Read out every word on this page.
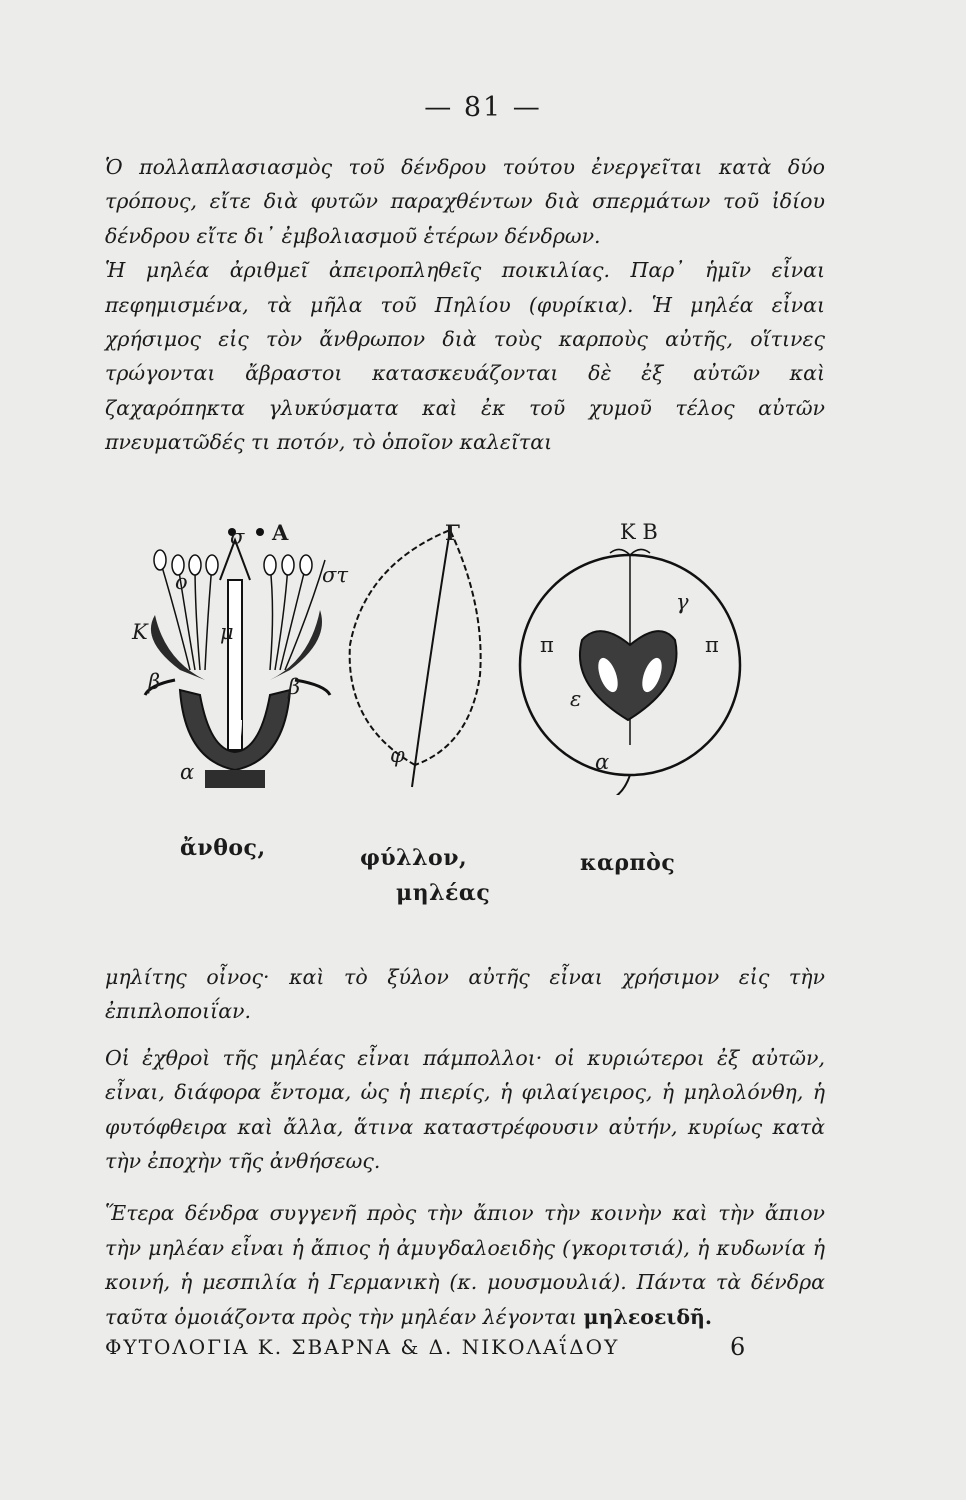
— 81 —

Ὁ πολλαπλασιασμὸς τοῦ δένδρου τούτου ἐνεργεῖται κατὰ δύο τρόπους, εἴτε διὰ φυτῶν παραχθέντων διὰ σπερμάτων τοῦ ἰδίου δένδρου εἴτε δι᾽ ἐμβολιασμοῦ ἑτέρων δένδρων.

Ἡ μηλέα ἀριθμεῖ ἀπειροπληθεῖς ποικιλίας. Παρ᾽ ἡμῖν εἶναι πεφημισμένα, τὰ μῆλα τοῦ Πηλίου (φυρίκια). Ἡ μηλέα εἶναι χρήσιμος εἰς τὸν ἄνθρωπον διὰ τοὺς καρποὺς αὐτῆς, οἵτινες τρώγονται ἄβραστοι κατασκευάζονται δὲ ἐξ αὐτῶν καὶ ζαχαρόπηκτα γλυκύσματα καὶ ἐκ τοῦ χυμοῦ τέλος αὐτῶν πνευματῶδές τι ποτόν, τὸ ὁποῖον καλεῖται

Α
σ
ο
μ
στ
Κ
β	β
α
Γ
φ
Κ Β
γ
π	π
ε
α
ἄνθος,	φύλλον,	καρπὸς
μηλέας

μηλίτης οἶνος· καὶ τὸ ξύλον αὐτῆς εἶναι χρήσιμον εἰς τὴν ἐπιπλοποιΐαν.

Οἱ ἐχθροὶ τῆς μηλέας εἶναι πάμπολλοι· οἱ κυριώτεροι ἐξ αὐτῶν, εἶναι, διάφορα ἔντομα, ὡς ἡ πιερίς, ἡ φιλαίγειρος, ἡ μηλολόνθη, ἡ φυτόφθειρα καὶ ἄλλα, ἅτινα καταστρέφουσιν αὐτήν, κυρίως κατὰ τὴν ἐποχὴν τῆς ἀνθήσεως.

Ἕτερα δένδρα συγγενῆ πρὸς τὴν ἄπιον τὴν κοινὴν καὶ τὴν ἄπιον τὴν μηλέαν εἶναι ἡ ἄπιος ἡ ἀμυγδαλοειδὴς (γκοριτσιά), ἡ κυδωνία ἡ κοινή, ἡ μεσπιλία ἡ Γερμανικὴ (κ. μουσμουλιά). Πάντα τὰ δένδρα ταῦτα ὁμοιάζοντα πρὸς τὴν μηλέαν λέγονται μηλεοειδῆ.

ΦΥΤΟΛΟΓΙΑ Κ. ΣΒΑΡΝΑ & Δ. ΝΙΚΟΛΑΐΔΟΥ	6
